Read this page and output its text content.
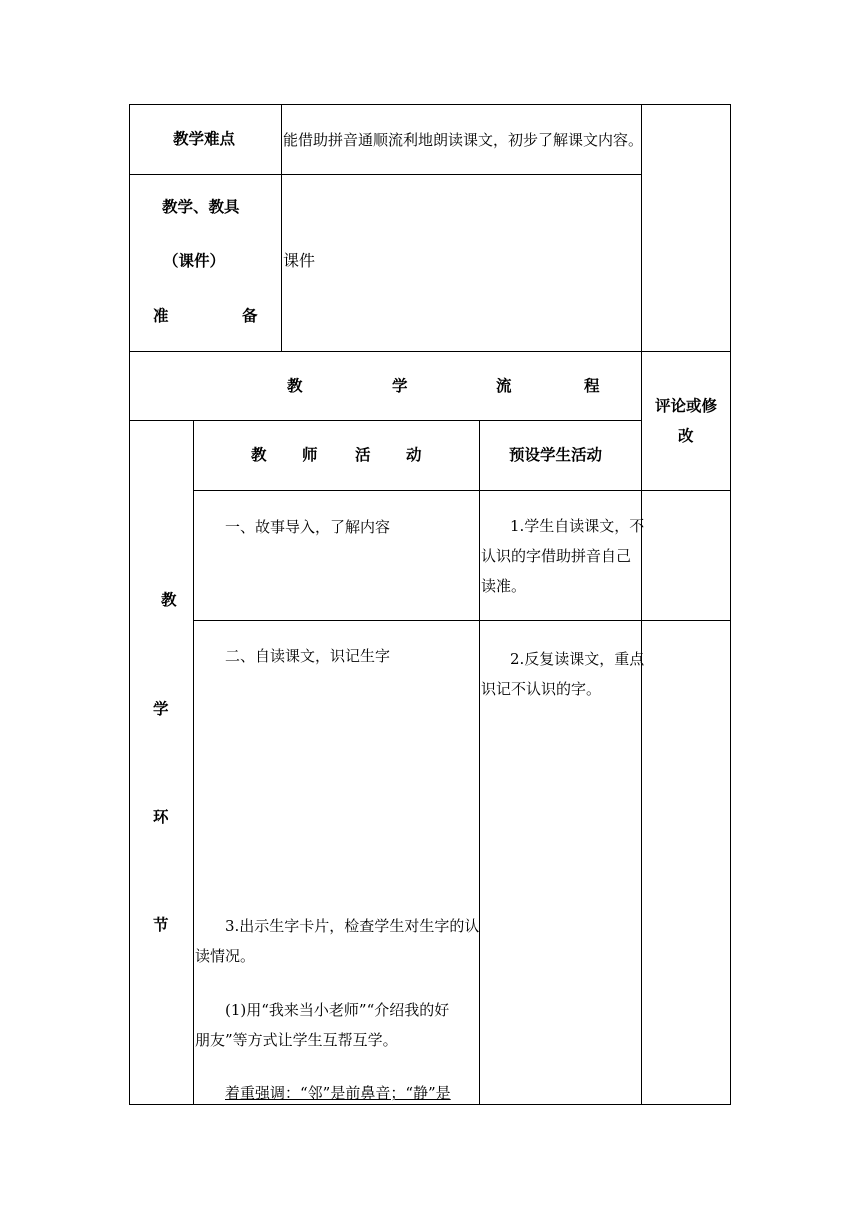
教学难点	能借助拼音通顺流利地朗读课文，初步了解课文内容。
教学、教具
（课件）
准	备
课件
教	学	流	程
评论或修
改
教 师 活 动	预设学生活动
教
学
环
节
一、故事导入，了解内容	1.学生自读课文，不
认识的字借助拼音自己
读准。
二、自读课文，识记生字	2.反复读课文，重点
识记不认识的字。
3.出示生字卡片，检查学生对生字的认
读情况。
(1)用“我来当小老师”“介绍我的好
朋友”等方式让学生互帮互学。
着重强调：“邻”是前鼻音；“静”是
